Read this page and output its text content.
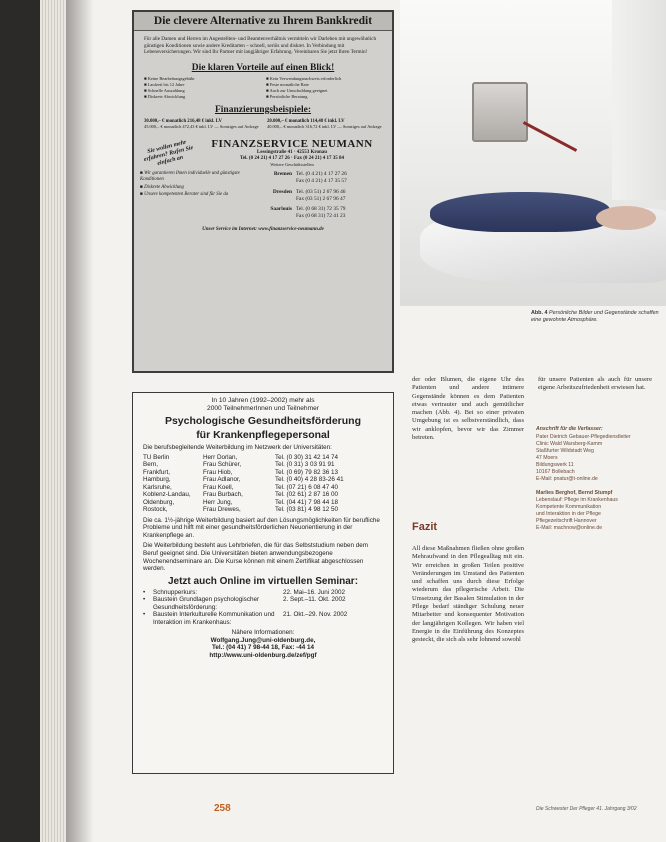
Die clevere Alternative zu Ihrem Bankkredit
Für alle Damen und Herren im Angestellten- und Beamtenverhältnis vermitteln wir Darlehen mit ungewöhnlich günstigen Konditionen sowie andere Kreditarten – schnell, seriös und diskret. In Verbindung mit Lebensversicherungen. Wir sind Ihr Partner mit langjähriger Erfahrung. Vereinbaren Sie jetzt Ihren Termin!
Die klaren Vorteile auf einen Blick!
■ Keine Bearbeitungsgebühr	■ Kein Verwendungsnachweis erforderlich
■ Laufzeit bis 12 Jahre	■ Feste monatliche Rate
■ Schnelle Auszahlung	■ Auch zur Umschuldung geeignet
■ Diskrete Abwicklung	■ Persönliche Beratung
Finanzierungsbeispiele:
30.000,– € monatlich 216,48 € inkl. LV
45.000,– € monatlich 472,43 € inkl. LV — Sonstiges auf Anfrage
20.000,– € monatlich 114,48 € inkl. LV
40.000,– € monatlich 316,72 € inkl. LV — Sonstiges auf Anfrage
Sie wollen mehr erfahren? Rufen Sie einfach an
FINANZSERVICE NEUMANN
Lessingstraße 41 · 42553 Kronau
Tel. (0 24 21) 4 17 27 26 · Fax (0 24 21) 4 17 35 84
Weitere Geschäftsstellen
■ Wir garantieren Ihnen individuelle und günstigste Konditionen
■ Diskrete Abwicklung
■ Unsere kompetenten Berater sind für Sie da
Bremen Tel. (0 4 21) 4 17 27 26
Fax (0 4 21) 4 17 35 57
Dresden Tel. (03 51) 2 67 96 46
Fax (03 51) 2 67 96 47
Saarlouis Tel. (0 68 31) 72 35 79
Fax (0 68 31) 72 41 23
Unser Service im Internet: www.finanzservice-neumann.de
In 10 Jahren (1992–2002) mehr als
2000 TeilnehmerInnen und Teilnehmer
Psychologische Gesundheitsförderung
für Krankenpflegepersonal
Die berufsbegleitende Weiterbildung im Netzwerk der Universitäten:
TU Berlin	Herr Dorlan,	Tel. (0 30) 31 42 14 74
Bern,	Frau Schürer,	Tel. (0 31) 3 03 91 91
Frankfurt,	Frau Hiob,	Tel. (0 69) 79 82 36 13
Hamburg,	Frau Adlanor,	Tel. (0 40) 4 28 83-26 41
Karlsruhe,	Frau Koell,	Tel. (07 21) 6 08 47 40
Koblenz-Landau,	Frau Burbach,	Tel. (02 61) 2 87 16 00
Oldenburg,	Herr Jung,	Tel. (04 41) 7 98 44 18
Rostock,	Frau Drewes,	Tel. (03 81) 4 98 12 50
Die ca. 1½-jährige Weiterbildung basiert auf den Lösungsmöglichkeiten für berufliche Probleme und hilft mit einer gesundheitsförderlichen Neuorientierung in der Krankenpflege an.
Die Weiterbildung besteht aus Lehrbriefen, die für das Selbststudium neben dem Beruf geeignet sind. Die Universitäten bieten anwendungsbezogene Wochenendseminare an. Die Kurse können mit einem Zertifikat abgeschlossen werden.
Jetzt auch Online im virtuellen Seminar:
•	Schnupperkurs:	22. Mai–16. Juni 2002
•	Baustein Grundlagen psychologischer Gesundheitsförderung:
2. Sept.–11. Okt. 2002
•	Baustein Interkulturelle Kommunikation und Interaktion im Krankenhaus:
21. Okt.–29. Nov. 2002
Nähere Informationen:
Wolfgang.Jung@uni-oldenburg.de,
Tel.: (04 41) 7 98-44 18, Fax: -44 14
http://www.uni-oldenburg.de/zef/pgf
Abb. 4 Persönliche Bilder und Gegenstände schaffen eine gewohnte Atmosphäre.
der oder Blumen, die eigene Uhr des Patienten und andere intimere Gegenstände können es dem Patienten etwas vertrauter und auch gemütlicher machen (Abb. 4). Bei so einer privaten Umgebung ist es selbstverständlich, dass wir anklopfen, bevor wir das Zimmer betreten.
für unsere Patienten als auch für unsere eigene Arbeitszufriedenheit erwiesen hat.
Fazit
All diese Maßnahmen fließen ohne großen Mehraufwand in den Pflegealltag mit ein. Wir erreichen in großen Teilen positive Veränderungen im Umstand des Patienten und schaffen uns durch diese Erfolge wiederum das pflegerische Arbeit. Die Umsetzung der Basalen Stimulation in der Pflege bedarf ständiger Schulung neuer Mitarbeiter und konsequenter Motivation der langjährigen Kollegen. Wir haben viel Energie in die Einführung des Konzeptes gesteckt, die sich als sehr lohnend sowohl
Anschrift für die Verfasser:
Pater Dietrich Gebauer-Pflegedienstleiter
Clinic Wald Warsberg-Kamm
Staßfurter Wildstadt Weg
47 Moers
Bildungswerk 11
10167 Bollebach
E-Mail: pnatur@t-online.de
Marlies Berghof, Bernd Stumpf
Lebenslauf: Pflege im Krankenhaus
Kompetente Kommunikation
und Interaktion in der Pflege
Pflegezeitschrift Hannover
E-Mail: machnow@online.de
258	Die Schwester Der Pfleger 41. Jahrgang 3/02
